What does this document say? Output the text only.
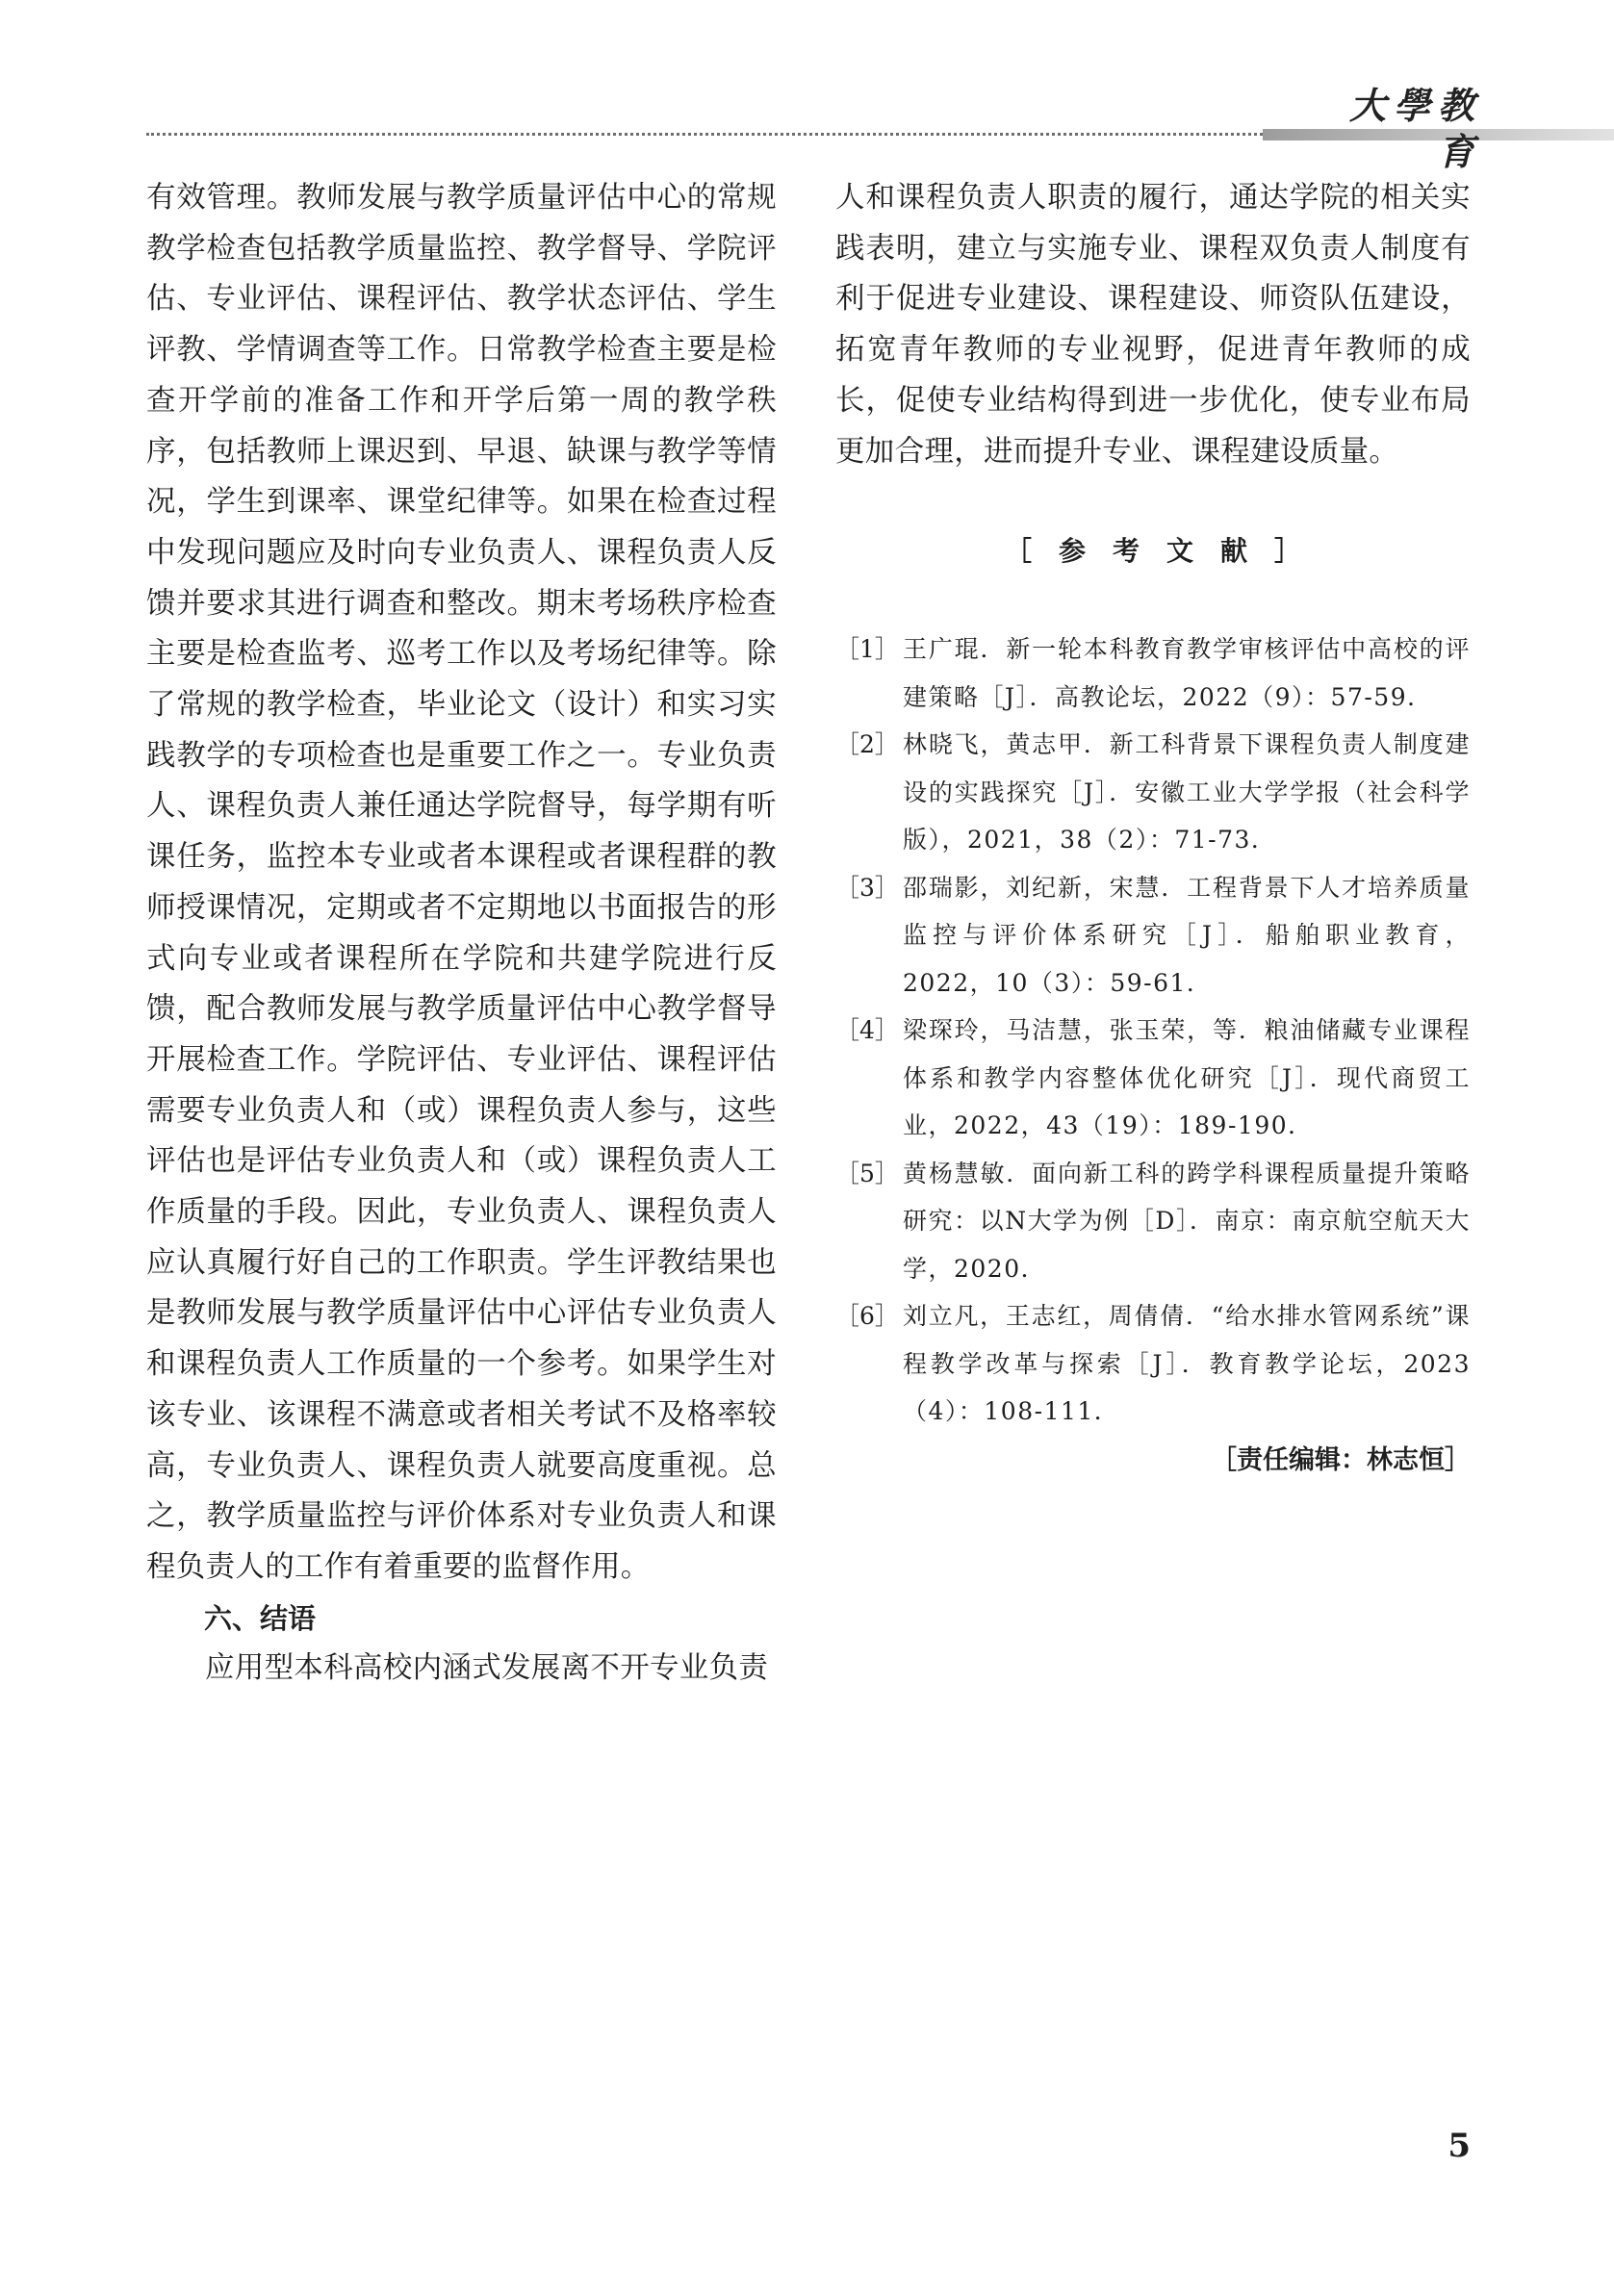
大學教育

有效管理。教师发展与教学质量评估中心的常规教学检查包括教学质量监控、教学督导、学院评估、专业评估、课程评估、教学状态评估、学生评教、学情调查等工作。日常教学检查主要是检查开学前的准备工作和开学后第一周的教学秩序，包括教师上课迟到、早退、缺课与教学等情况，学生到课率、课堂纪律等。如果在检查过程中发现问题应及时向专业负责人、课程负责人反馈并要求其进行调查和整改。期末考场秩序检查主要是检查监考、巡考工作以及考场纪律等。除了常规的教学检查，毕业论文（设计）和实习实践教学的专项检查也是重要工作之一。专业负责人、课程负责人兼任通达学院督导，每学期有听课任务，监控本专业或者本课程或者课程群的教师授课情况，定期或者不定期地以书面报告的形式向专业或者课程所在学院和共建学院进行反馈，配合教师发展与教学质量评估中心教学督导开展检查工作。学院评估、专业评估、课程评估需要专业负责人和（或）课程负责人参与，这些评估也是评估专业负责人和（或）课程负责人工作质量的手段。因此，专业负责人、课程负责人应认真履行好自己的工作职责。学生评教结果也是教师发展与教学质量评估中心评估专业负责人和课程负责人工作质量的一个参考。如果学生对该专业、该课程不满意或者相关考试不及格率较高，专业负责人、课程负责人就要高度重视。总之，教学质量监控与评价体系对专业负责人和课程负责人的工作有着重要的监督作用。

六、结语

应用型本科高校内涵式发展离不开专业负责

人和课程负责人职责的履行，通达学院的相关实践表明，建立与实施专业、课程双负责人制度有利于促进专业建设、课程建设、师资队伍建设，拓宽青年教师的专业视野，促进青年教师的成长，促使专业结构得到进一步优化，使专业布局更加合理，进而提升专业、课程建设质量。

［　参　考　文　献　］
［1］ 王广琨．新一轮本科教育教学审核评估中高校的评建策略［J］．高教论坛，2022（9）：57-59．
［2］ 林晓飞，黄志甲．新工科背景下课程负责人制度建设的实践探究［J］．安徽工业大学学报（社会科学版），2021，38（2）：71-73．
［3］ 邵瑞影，刘纪新，宋慧．工程背景下人才培养质量监控与评价体系研究［J］．船舶职业教育，2022，10（3）：59-61．
［4］ 梁琛玲，马洁慧，张玉荣，等．粮油储藏专业课程体系和教学内容整体优化研究［J］．现代商贸工业，2022，43（19）：189-190．
［5］ 黄杨慧敏．面向新工科的跨学科课程质量提升策略研究：以N大学为例［D］．南京：南京航空航天大学，2020．
［6］ 刘立凡，王志红，周倩倩．“给水排水管网系统”课程教学改革与探索［J］．教育教学论坛，2023（4）：108-111．

［责任编辑：林志恒］

5
